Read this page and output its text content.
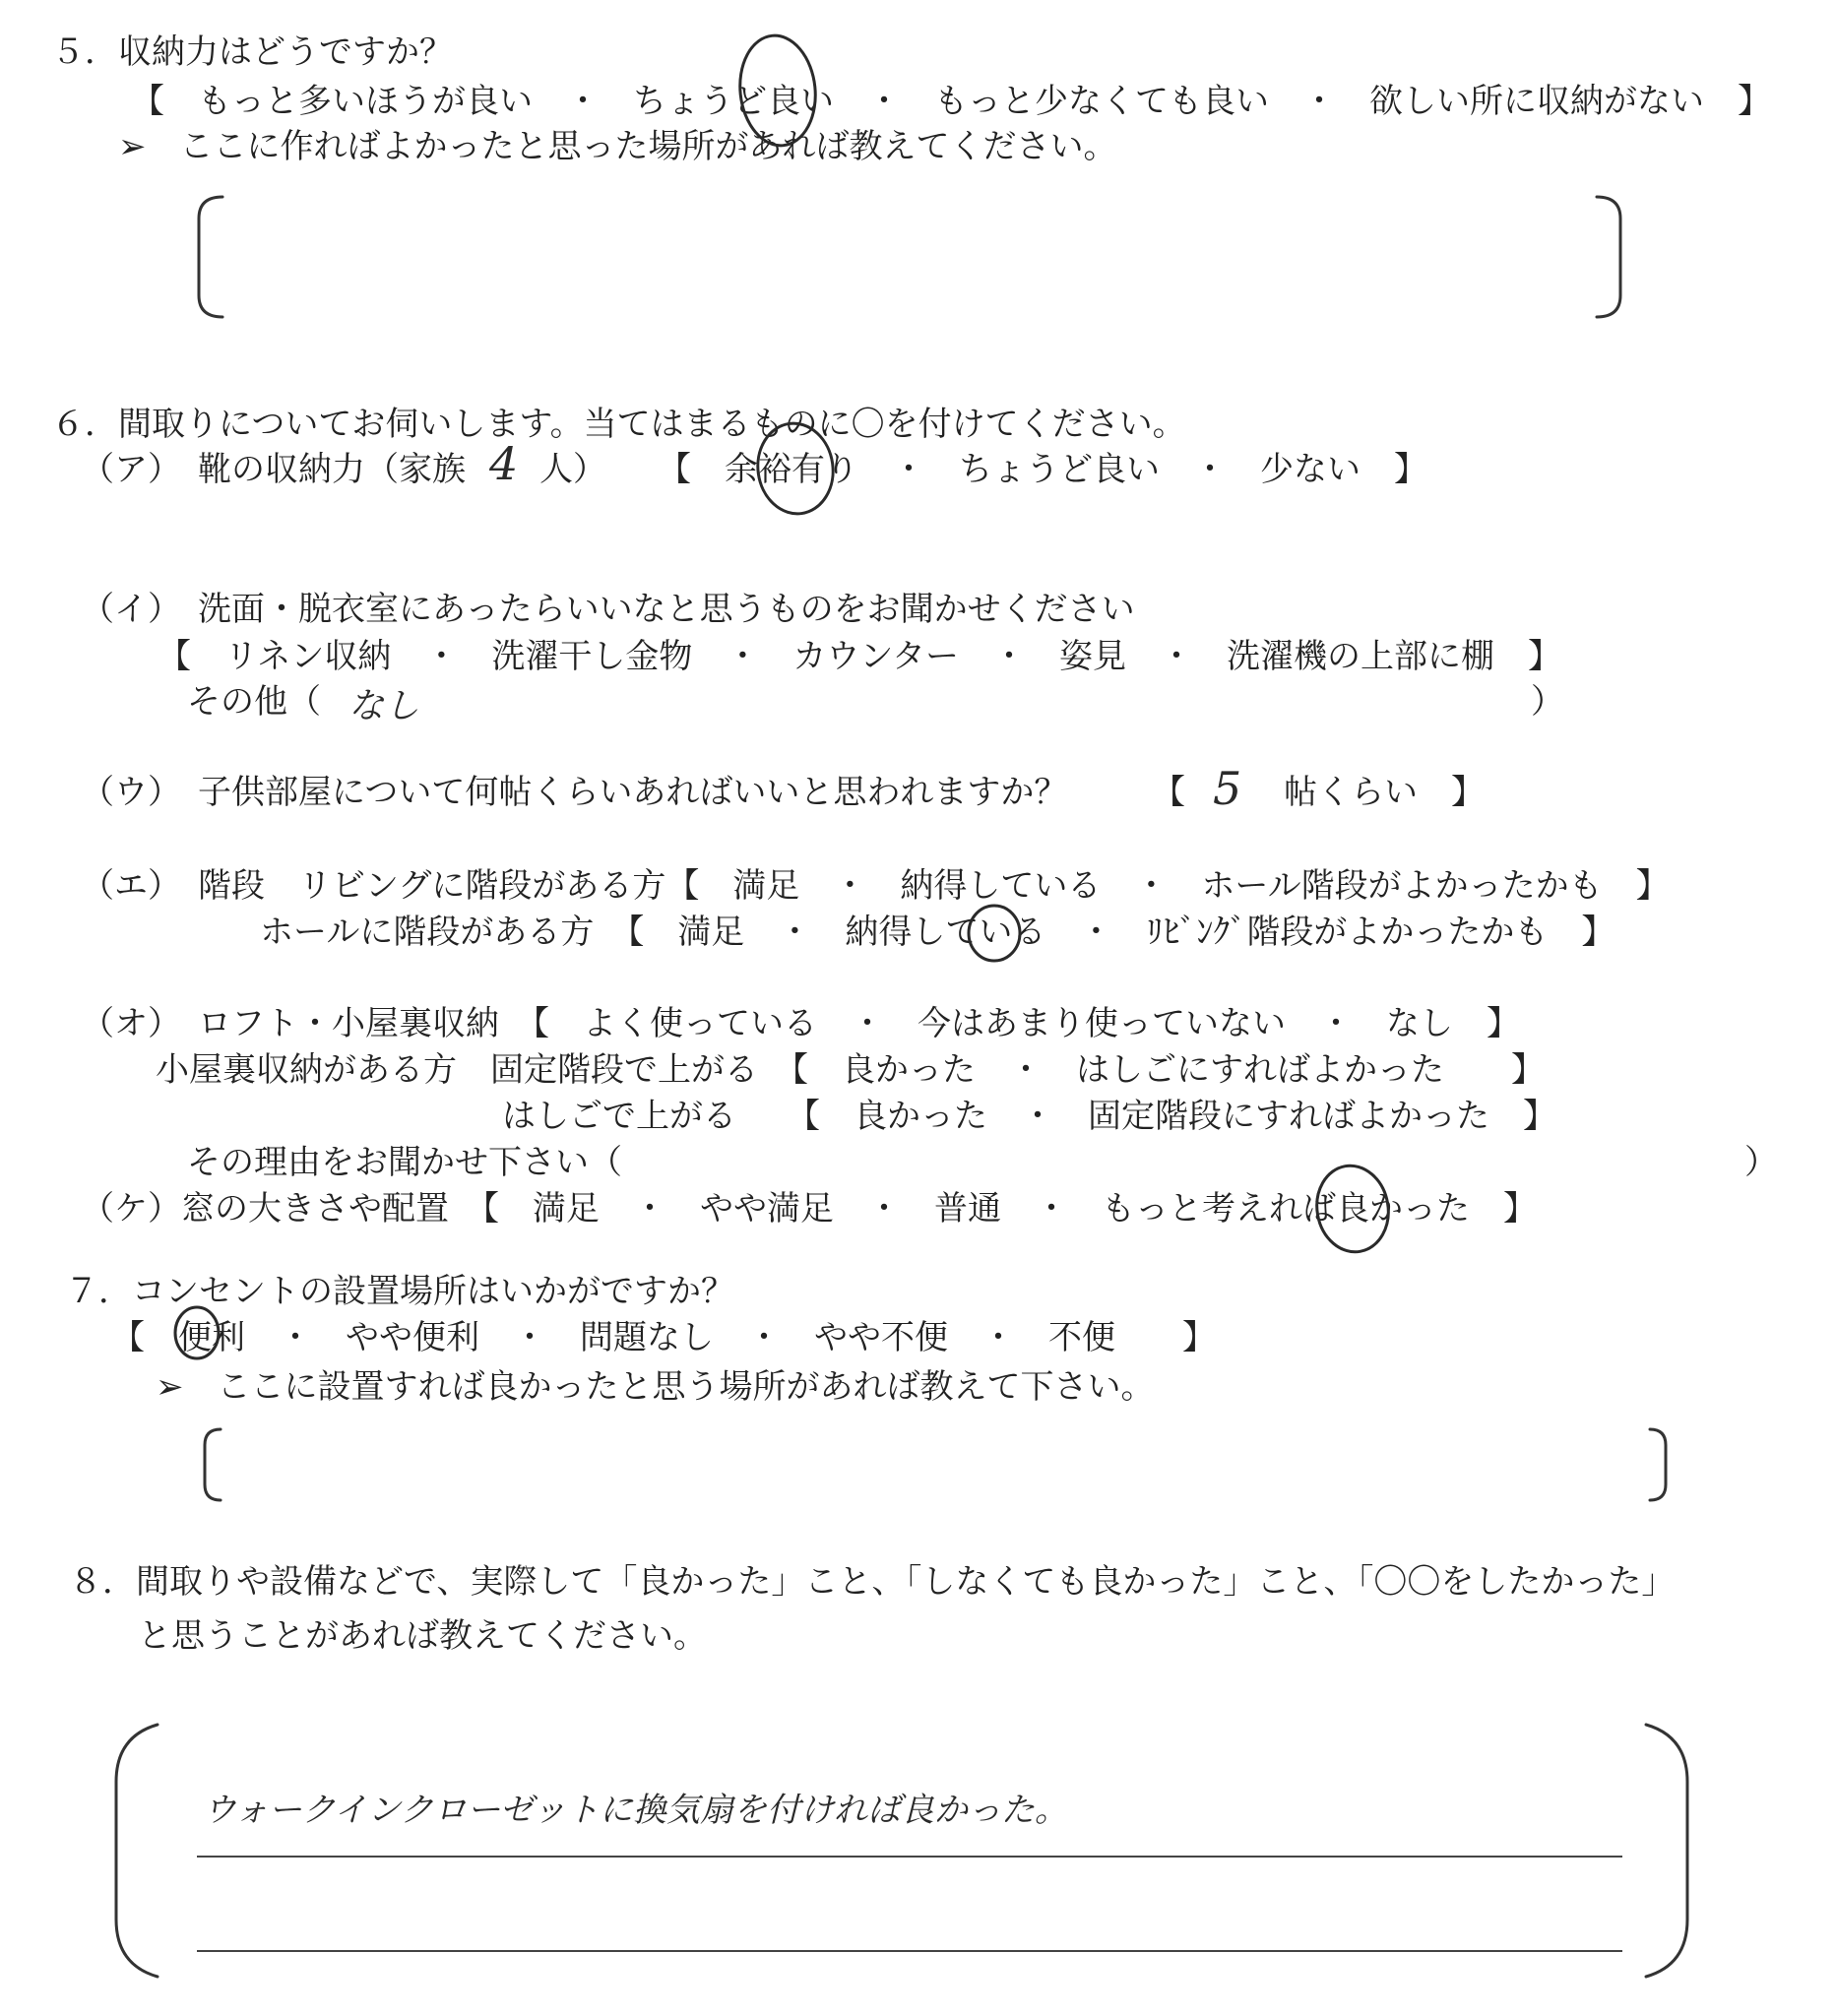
５．収納力はどうですか？
【　もっと多いほうが良い　・　ちょうど良い　・　もっと少なくても良い　・　欲しい所に収納がない　】
➢　ここに作ればよかったと思った場所があれば教えてください。
６．間取りについてお伺いします。当てはまるものに〇を付けてください。
（ア）　靴の収納力（家族 4 人） 【　余裕有り　・　ちょうど良い　・　少ない　】
（イ）　洗面・脱衣室にあったらいいなと思うものをお聞かせください
【　リネン収納　・　洗濯干し金物　・　カウンター　・　姿見　・　洗濯機の上部に棚　】
その他（ なし	）
（ウ）　子供部屋について何帖くらいあればいいと思われますか？	【 5 帖くらい　】
（エ）　階段　リビングに階段がある方【　満足　・　納得している　・　ホール階段がよかったかも　】
ホールに階段がある方　【　満足　・　納得している　・　ﾘﾋﾞﾝｸﾞ階段がよかったかも　】
（オ）　ロフト・小屋裏収納　【　よく使っている　・　今はあまり使っていない　・　なし　】
小屋裏収納がある方　固定階段で上がる　【　良かった　・　はしごにすればよかった　　】
はしごで上がる　　【　良かった　・　固定階段にすればよかった　】
その理由をお聞かせ下さい（	）
（ケ）窓の大きさや配置　【　満足　・　やや満足　・　普通　・　もっと考えれば良かった　】
７．コンセントの設置場所はいかがですか？
【　便利　・　やや便利　・　問題なし　・　やや不便　・　不便　　】
➢　ここに設置すれば良かったと思う場所があれば教えて下さい。
８．間取りや設備などで、実際して「良かった」こと、「しなくても良かった」こと、「〇〇をしたかった」
と思うことがあれば教えてください。
ウォークインクローゼットに換気扇を付ければ良かった。
